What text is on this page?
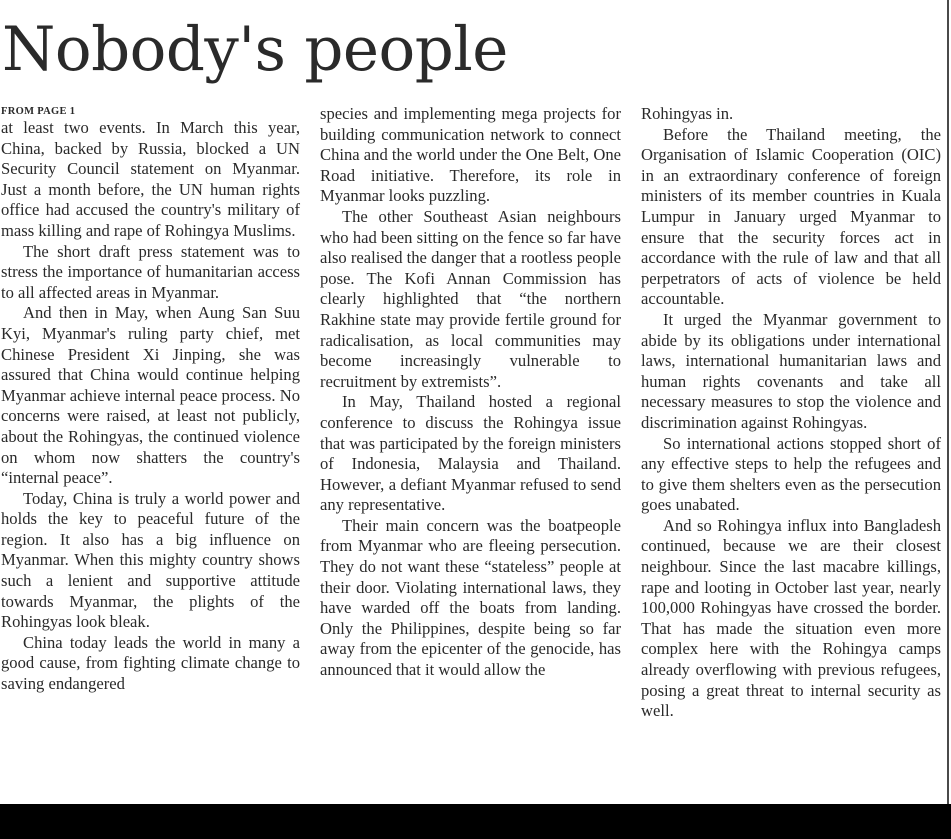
Nobody's people
FROM PAGE 1

at least two events. In March this year, China, backed by Russia, blocked a UN Security Council statement on Myanmar. Just a month before, the UN human rights office had accused the country's military of mass killing and rape of Rohingya Muslims.

The short draft press statement was to stress the importance of humanitarian access to all affected areas in Myanmar.

And then in May, when Aung San Suu Kyi, Myanmar's ruling party chief, met Chinese President Xi Jinping, she was assured that China would continue helping Myanmar achieve internal peace process. No concerns were raised, at least not publicly, about the Rohingyas, the continued violence on whom now shatters the country's “internal peace”.

Today, China is truly a world power and holds the key to peaceful future of the region. It also has a big influence on Myanmar. When this mighty country shows such a lenient and supportive attitude towards Myanmar, the plights of the Rohingyas look bleak.

China today leads the world in many a good cause, from fighting climate change to saving endangered

species and implementing mega projects for building communication network to connect China and the world under the One Belt, One Road initiative. Therefore, its role in Myanmar looks puzzling.

The other Southeast Asian neighbours who had been sitting on the fence so far have also realised the danger that a rootless people pose. The Kofi Annan Commission has clearly highlighted that “the northern Rakhine state may provide fertile ground for radicalisation, as local communities may become increasingly vulnerable to recruitment by extremists”.

In May, Thailand hosted a regional conference to discuss the Rohingya issue that was participated by the foreign ministers of Indonesia, Malaysia and Thailand. However, a defiant Myanmar refused to send any representative.

Their main concern was the boatpeople from Myanmar who are fleeing persecution. They do not want these “stateless” people at their door. Violating international laws, they have warded off the boats from landing. Only the Philippines, despite being so far away from the epicenter of the genocide, has announced that it would allow the

Rohingyas in.

Before the Thailand meeting, the Organisation of Islamic Cooperation (OIC) in an extraordinary conference of foreign ministers of its member countries in Kuala Lumpur in January urged Myanmar to ensure that the security forces act in accordance with the rule of law and that all perpetrators of acts of violence be held accountable.

It urged the Myanmar government to abide by its obligations under international laws, international humanitarian laws and human rights covenants and take all necessary measures to stop the violence and discrimination against Rohingyas.

So international actions stopped short of any effective steps to help the refugees and to give them shelters even as the persecution goes unabated.

And so Rohingya influx into Bangladesh continued, because we are their closest neighbour. Since the last macabre killings, rape and looting in October last year, nearly 100,000 Rohingyas have crossed the border. That has made the situation even more complex here with the Rohingya camps already overflowing with previous refugees, posing a great threat to internal security as well.
